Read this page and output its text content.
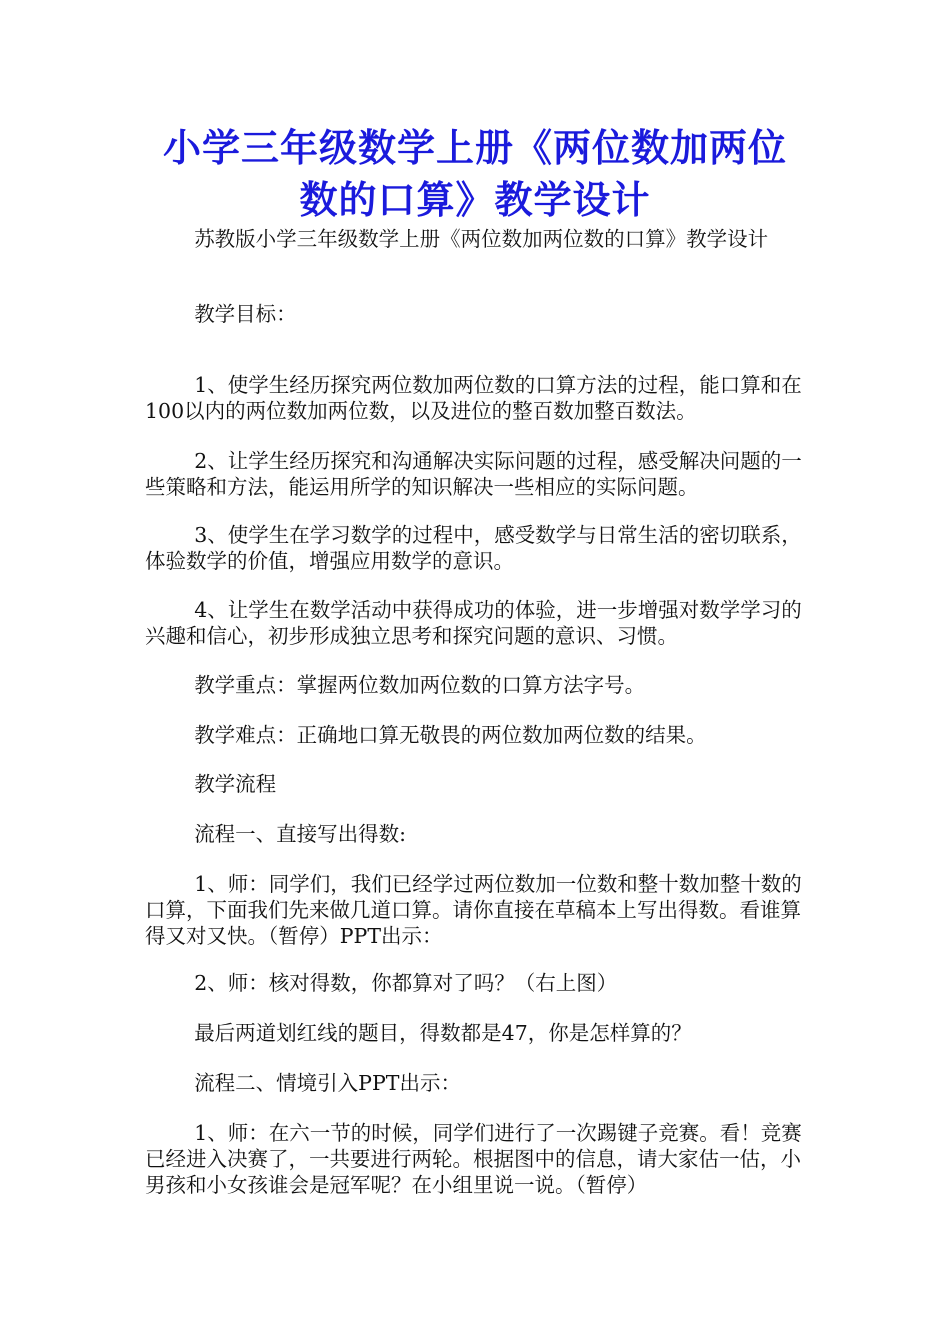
小学三年级数学上册《两位数加两位数的口算》教学设计

苏教版小学三年级数学上册《两位数加两位数的口算》教学设计

教学目标：

1、使学生经历探究两位数加两位数的口算方法的过程，能口算和在100以内的两位数加两位数，以及进位的整百数加整百数法。

2、让学生经历探究和沟通解决实际问题的过程，感受解决问题的一些策略和方法，能运用所学的知识解决一些相应的实际问题。

3、使学生在学习数学的过程中，感受数学与日常生活的密切联系，体验数学的价值，增强应用数学的意识。

4、让学生在数学活动中获得成功的体验，进一步增强对数学学习的兴趣和信心，初步形成独立思考和探究问题的意识、习惯。

教学重点：掌握两位数加两位数的口算方法字号。

教学难点：正确地口算无敬畏的两位数加两位数的结果。

教学流程

流程一、直接写出得数:

1、师：同学们，我们已经学过两位数加一位数和整十数加整十数的口算，下面我们先来做几道口算。请你直接在草稿本上写出得数。看谁算得又对又快。（暂停）PPT出示：

2、师：核对得数，你都算对了吗？（右上图）

最后两道划红线的题目，得数都是47，你是怎样算的？

流程二、情境引入PPT出示：

1、师：在六一节的时候，同学们进行了一次踢键子竞赛。看！竞赛已经进入决赛了，一共要进行两轮。根据图中的信息，请大家估一估，小男孩和小女孩谁会是冠军呢？在小组里说一说。（暂停）
